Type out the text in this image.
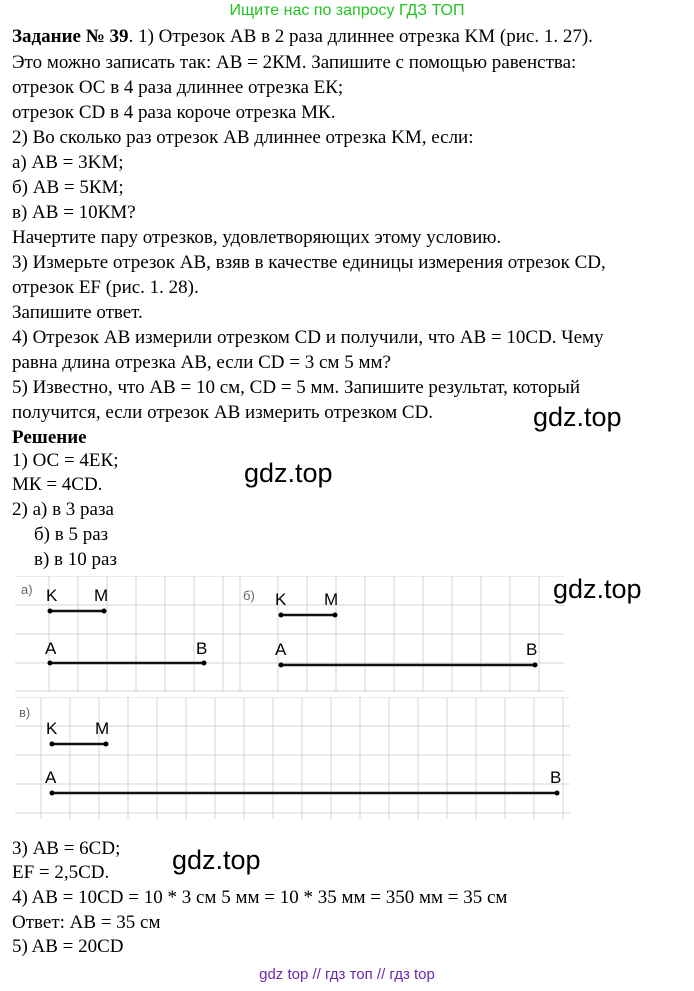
Ищите нас по запросу ГДЗ ТОП
Задание № 39. 1) Отрезок АВ в 2 раза длиннее отрезка KM (рис. 1. 27).
Это можно записать так: АВ = 2КМ. Запишите с помощью равенства:
отрезок ОС в 4 раза длиннее отрезка ЕК;
отрезок CD в 4 раза короче отрезка МК.
2) Во сколько раз отрезок АВ длиннее отрезка KM, если:
а) AB = 3KM;
б) АВ = 5КМ;
в) АВ = 10КМ?
Начертите пару отрезков, удовлетворяющих этому условию.
3) Измерьте отрезок АВ, взяв в качестве единицы измерения отрезок CD,
отрезок EF (рис. 1. 28).
Запишите ответ.
4) Отрезок АВ измерили отрезком CD и получили, что АВ = 10CD. Чему
равна длина отрезка АВ, если CD = 3 см 5 мм?
5) Известно, что АВ = 10 см, CD = 5 мм. Запишите результат, который
получится, если отрезок АВ измерить отрезком CD.
Решение
1) ОС = 4ЕК;
МК = 4CD.
2) а) в 3 раза
б) в 5 раз
в) в 10 раз
а) K M
A	B
б) K M
A	B
в)
K M
A	B
3) АВ = 6CD;
EF = 2,5CD.
4) AB = 10CD = 10 * 3 см 5 мм = 10 * 35 мм = 350 мм = 35 см
Ответ: AB = 35 см
5) AB = 20CD
gdz.top
gdz.top
gdz.top
gdz.top
gdz top // гдз топ // гдз top
